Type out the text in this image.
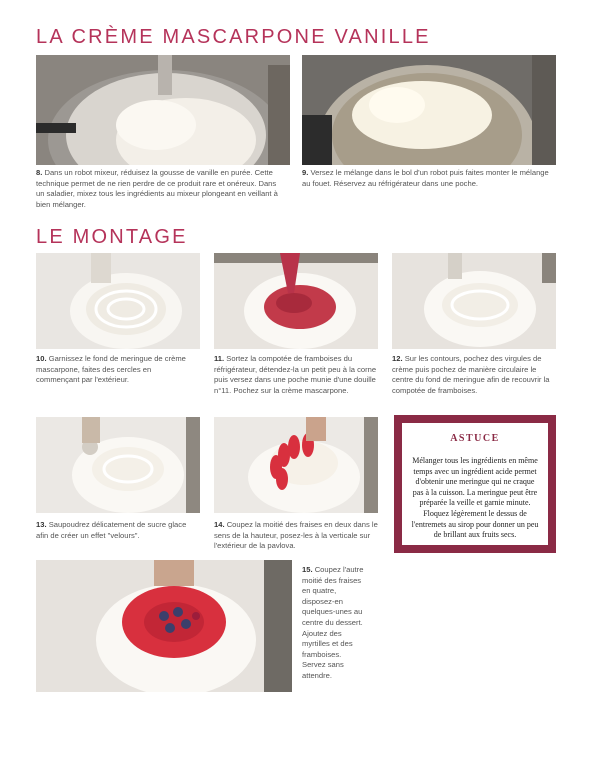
LA CRÈME MASCARPONE VANILLE

8. Dans un robot mixeur, réduisez la gousse de vanille en purée. Cette technique permet de ne rien perdre de ce produit rare et onéreux. Dans un saladier, mixez tous les ingrédients au mixeur plongeant en veillant à bien mélanger.

9. Versez le mélange dans le bol d'un robot puis faites monter le mélange au fouet. Réservez au réfrigérateur dans une poche.

LE MONTAGE

10. Garnissez le fond de meringue de crème mascarpone, faites des cercles en commençant par l'extérieur.

11. Sortez la compotée de framboises du réfrigérateur, détendez-la un petit peu à la corne puis versez dans une poche munie d'une douille n°11. Pochez sur la crème mascarpone.

12. Sur les contours, pochez des virgules de crème puis pochez de manière circulaire le centre du fond de meringue afin de recouvrir la compotée de framboises.

13. Saupoudrez délicatement de sucre glace afin de créer un effet "velours".

14. Coupez la moitié des fraises en deux dans le sens de la hauteur, posez-les à la verticale sur l'extérieur de la pavlova.

ASTUCE
Mélanger tous les ingrédients en même temps avec un ingrédient acide permet d'obtenir une meringue qui ne craque pas à la cuisson. La meringue peut être préparée la veille et garnie minute. Floquez légèrement le dessus de l'entremets au sirop pour donner un peu de brillant aux fruits secs.

15. Coupez l'autre moitié des fraises en quatre, disposez-en quelques-unes au centre du dessert. Ajoutez des myrtilles et des framboises. Servez sans attendre.
